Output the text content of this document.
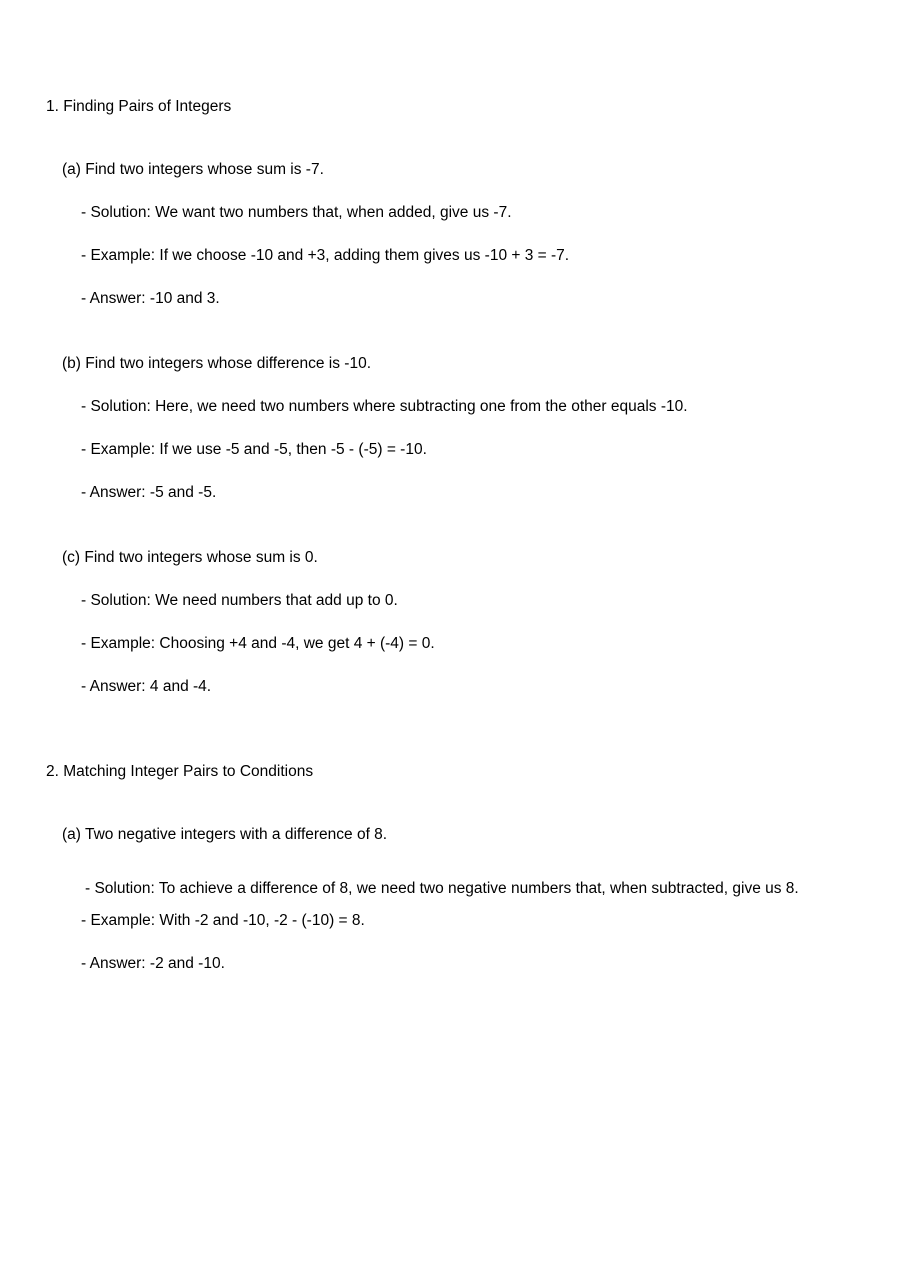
1. Finding Pairs of Integers
(a) Find two integers whose sum is -7.
- Solution: We want two numbers that, when added, give us -7.
- Example: If we choose -10 and +3, adding them gives us -10 + 3 = -7.
- Answer: -10 and 3.
(b) Find two integers whose difference is -10.
- Solution: Here, we need two numbers where subtracting one from the other equals -10.
- Example: If we use -5 and -5, then -5 - (-5) = -10.
- Answer: -5 and -5.
(c) Find two integers whose sum is 0.
- Solution: We need numbers that add up to 0.
- Example: Choosing +4 and -4, we get 4 + (-4) = 0.
- Answer: 4 and -4.
2. Matching Integer Pairs to Conditions
(a) Two negative integers with a difference of 8.
- Solution: To achieve a difference of 8, we need two negative numbers that, when subtracted, give us 8.
- Example: With -2 and -10, -2 - (-10) = 8.
- Answer: -2 and -10.
